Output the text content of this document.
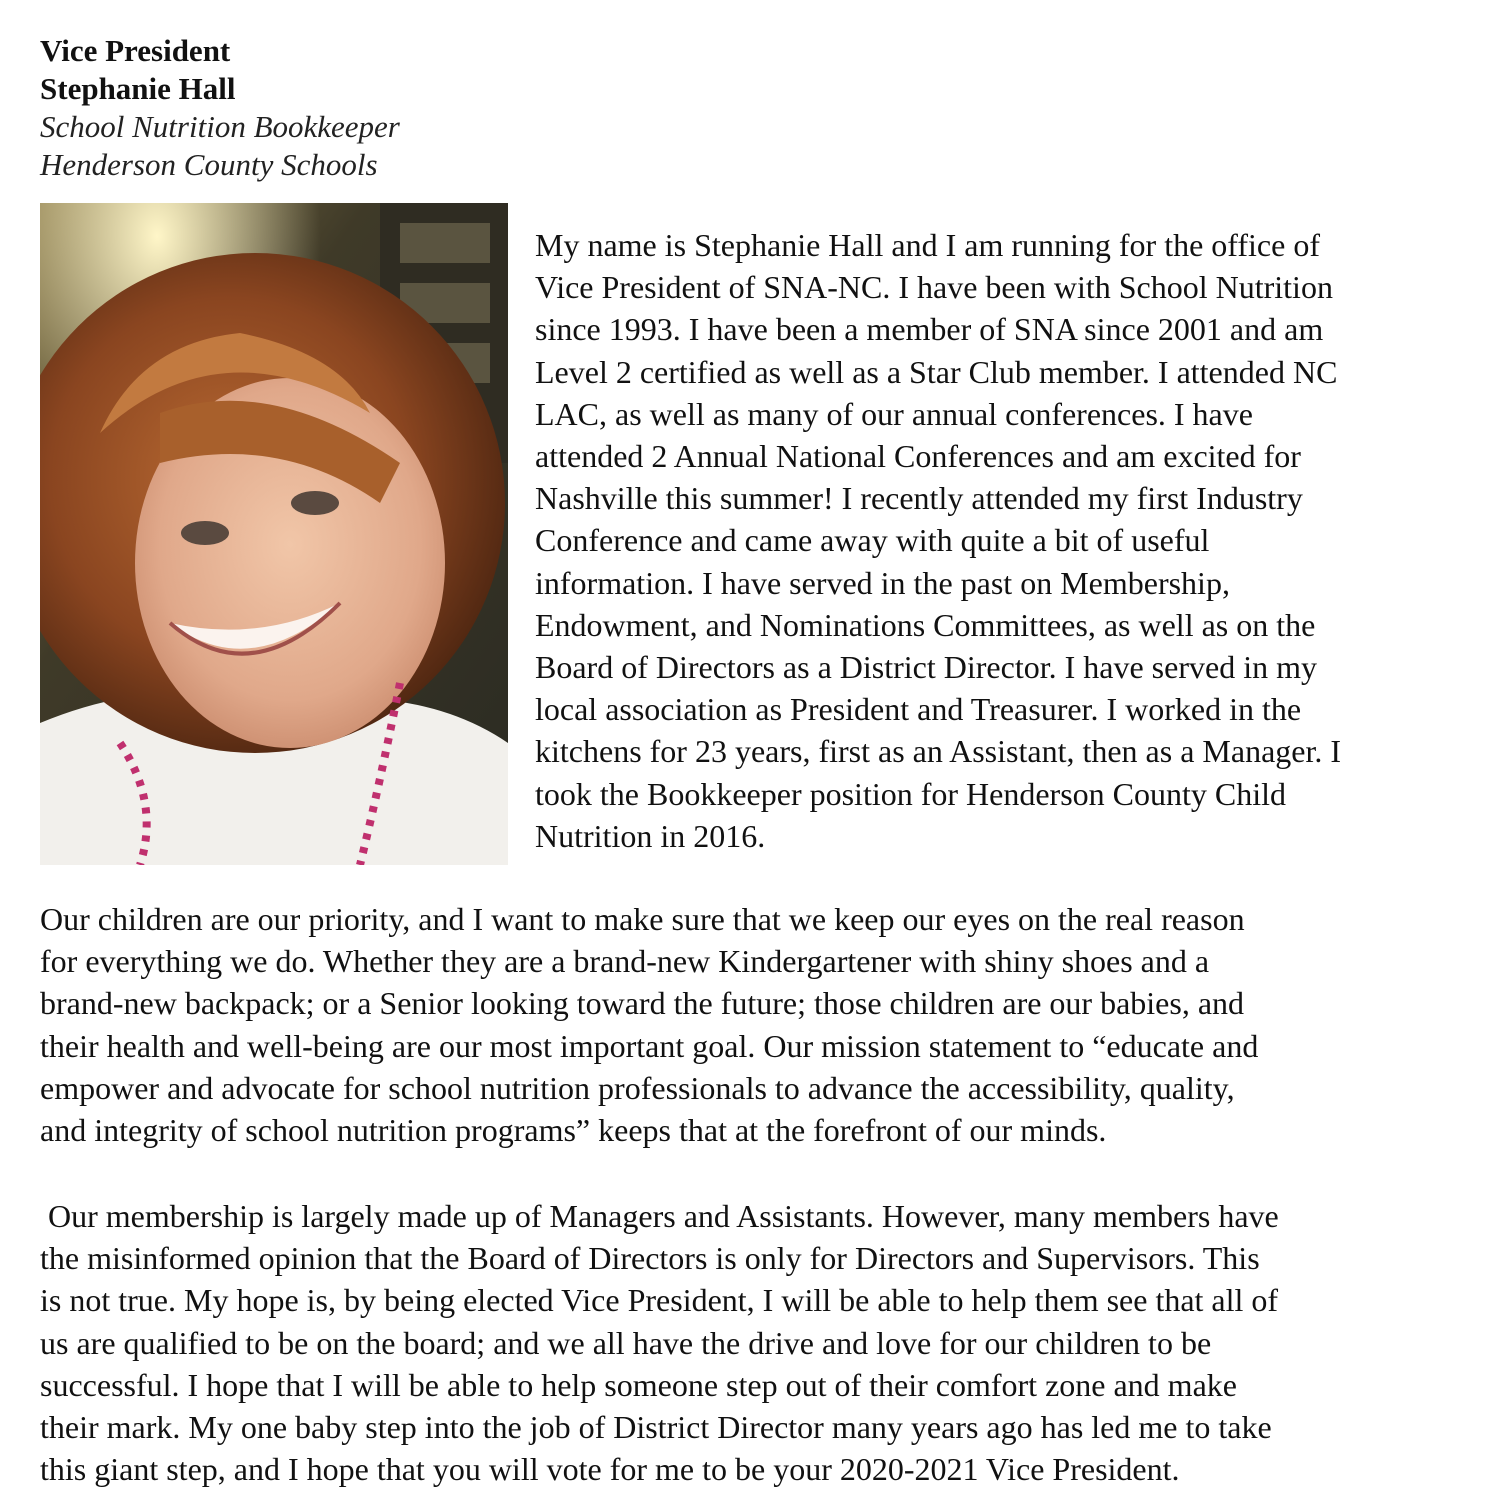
Vice President
Stephanie Hall
School Nutrition Bookkeeper
Henderson County Schools
My name is Stephanie Hall and I am running for the office of
Vice President of SNA-NC. I have been with School Nutrition
since 1993. I have been a member of SNA since 2001 and am
Level 2 certified as well as a Star Club member. I attended NC
LAC, as well as many of our annual conferences. I have
attended 2 Annual National Conferences and am excited for
Nashville this summer! I recently attended my first Industry
Conference and came away with quite a bit of useful
information. I have served in the past on Membership,
Endowment, and Nominations Committees, as well as on the
Board of Directors as a District Director. I have served in my
local association as President and Treasurer. I worked in the
kitchens for 23 years, first as an Assistant, then as a Manager. I
took the Bookkeeper position for Henderson County Child
Nutrition in 2016.
Our children are our priority, and I want to make sure that we keep our eyes on the real reason
for everything we do. Whether they are a brand-new Kindergartener with shiny shoes and a
brand-new backpack; or a Senior looking toward the future; those children are our babies, and
their health and well-being are our most important goal. Our mission statement to “educate and
empower and advocate for school nutrition professionals to advance the accessibility, quality,
and integrity of school nutrition programs” keeps that at the forefront of our minds.
Our membership is largely made up of Managers and Assistants. However, many members have
the misinformed opinion that the Board of Directors is only for Directors and Supervisors. This
is not true. My hope is, by being elected Vice President, I will be able to help them see that all of
us are qualified to be on the board; and we all have the drive and love for our children to be
successful. I hope that I will be able to help someone step out of their comfort zone and make
their mark. My one baby step into the job of District Director many years ago has led me to take
this giant step, and I hope that you will vote for me to be your 2020-2021 Vice President.
